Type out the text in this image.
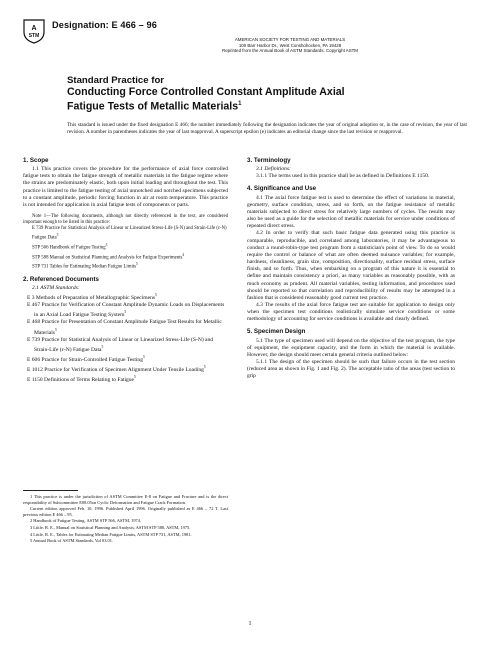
A
STM
Designation: E 466 – 96
AMERICAN SOCIETY FOR TESTING AND MATERIALS
100 Barr Harbor Dr., West Conshohocken, PA 19428
Reprinted from the Annual Book of ASTM Standards. Copyright ASTM
Standard Practice for
Conducting Force Controlled Constant Amplitude Axial
Fatigue Tests of Metallic Materials$^1$
This standard is issued under the fixed designation E 466; the number immediately following the designation indicates the year of original adoption or, in the case of revision, the year of last revision. A number in parentheses indicates the year of last reapproval. A superscript epsilon (e) indicates an editorial change since the last revision or reapproval.
1. Scope

1.1 This practice covers the procedure for the performance of axial force controlled fatigue tests to obtain the fatigue strength of metallic materials in the fatigue regime where the strains are predominately elastic, both upon initial loading and throughout the test. This practice is limited to the fatigue testing of axial unnotched and notched specimens subjected to a constant amplitude, periodic forcing function in air at room temperature. This practice is not intended for application in axial fatigue tests of components or parts.

Note 1—The following documents, although not directly referenced in the text, are considered important enough to be listed in this practice:

E 739 Practice for Statistical Analysis of Linear or Linearized Stress-Life (S-N) and Strain-Life (ε-N) Fatigue Data$^5$
STP 566 Handbook of Fatigue Testing$^3$
STP 588 Manual on Statistical Planning and Analysis for Fatigue Experiments$^4$
STP 731 Tables for Estimating Median Fatigue Limits$^5$
2. Referenced Documents

2.1 ASTM Standards:

E 3 Methods of Preparation of Metallographic Specimens$^5$
E 467 Practice for Verification of Constant Amplitude Dynamic Loads on Displacements in an Axial Load Fatigue Testing System$^5$
E 468 Practice for Presentation of Constant Amplitude Fatigue Test Results for Metallic Materials$^5$
E 739 Practice for Statistical Analysis of Linear or Linearized Stress-Life (S-N) and Strain-Life (ε-N) Fatigue Data$^5$
E 606 Practice for Strain-Controlled Fatigue Testing$^5$
E 1012 Practice for Verification of Specimen Alignment Under Tensile Loading$^5$
E 1150 Definitions of Terms Relating to Fatigue$^5$

1 This practice is under the jurisdiction of ASTM Committee E-8 on Fatigue and Fracture and is the direct responsibility of Subcommittee E08.05on Cyclic Deformation and Fatigue Crack Formation.

Current edition approved Feb. 10, 1996. Published April 1996. Originally published as E 466 – 72 T. Last previous edition E 466 – 95.

2 Handbook of Fatigue Testing, ASTM STP 566, ASTM, 1974.

3 Little, R. E., Manual on Statistical Planning and Analysis, ASTM STP 588, ASTM, 1975.

4 Little, R. E., Tables for Estimating Median Fatigue Limits, ASTM STP 731, ASTM, 1981.

5 Annual Book of ASTM Standards, Vol 03.01.

3. Terminology

3.1 Definitions:

3.1.1 The terms used in this practice shall be as defined in Definitions E 1150.

4. Significance and Use

4.1 The axial force fatigue test is used to determine the effect of variations in material, geometry, surface condition, stress, and so forth, on the fatigue resistance of metallic materials subjected to direct stress for relatively large numbers of cycles. The results may also be used as a guide for the selection of metallic materials for service under conditions of repeated direct stress.

4.2 In order to verify that such basic fatigue data generated using this practice is comparable, reproducible, and correlated among laboratories, it may be advantageous to conduct a round-robin-type test program from a statistician's point of view. To do so would require the control or balance of what are often deemed nuisance variables; for example, hardness, cleanliness, grain size, composition, directionality, surface residual stress, surface finish, and so forth. Thus, when embarking on a program of this nature it is essential to define and maintain consistency a priori, as many variables as reasonably possible, with as much economy as prudent. All material variables, testing information, and procedures used should be reported so that correlation and reproducibility of results may be attempted in a fashion that is considered reasonably good current test practice.

4.3 The results of the axial force fatigue test are suitable for application to design only when the specimen test conditions realistically simulate service conditions or some methodology of accounting for service conditions is available and clearly defined.

5. Specimen Design

5.1 The type of specimen used will depend on the objective of the test program, the type of equipment, the equipment capacity, and the form in which the material is available. However, the design should meet certain general criteria outlined below:

5.1.1 The design of the specimen should be such that failure occurs in the test section (reduced area as shown in Fig. 1 and Fig. 2). The acceptable ratio of the areas (test section to grip

1
